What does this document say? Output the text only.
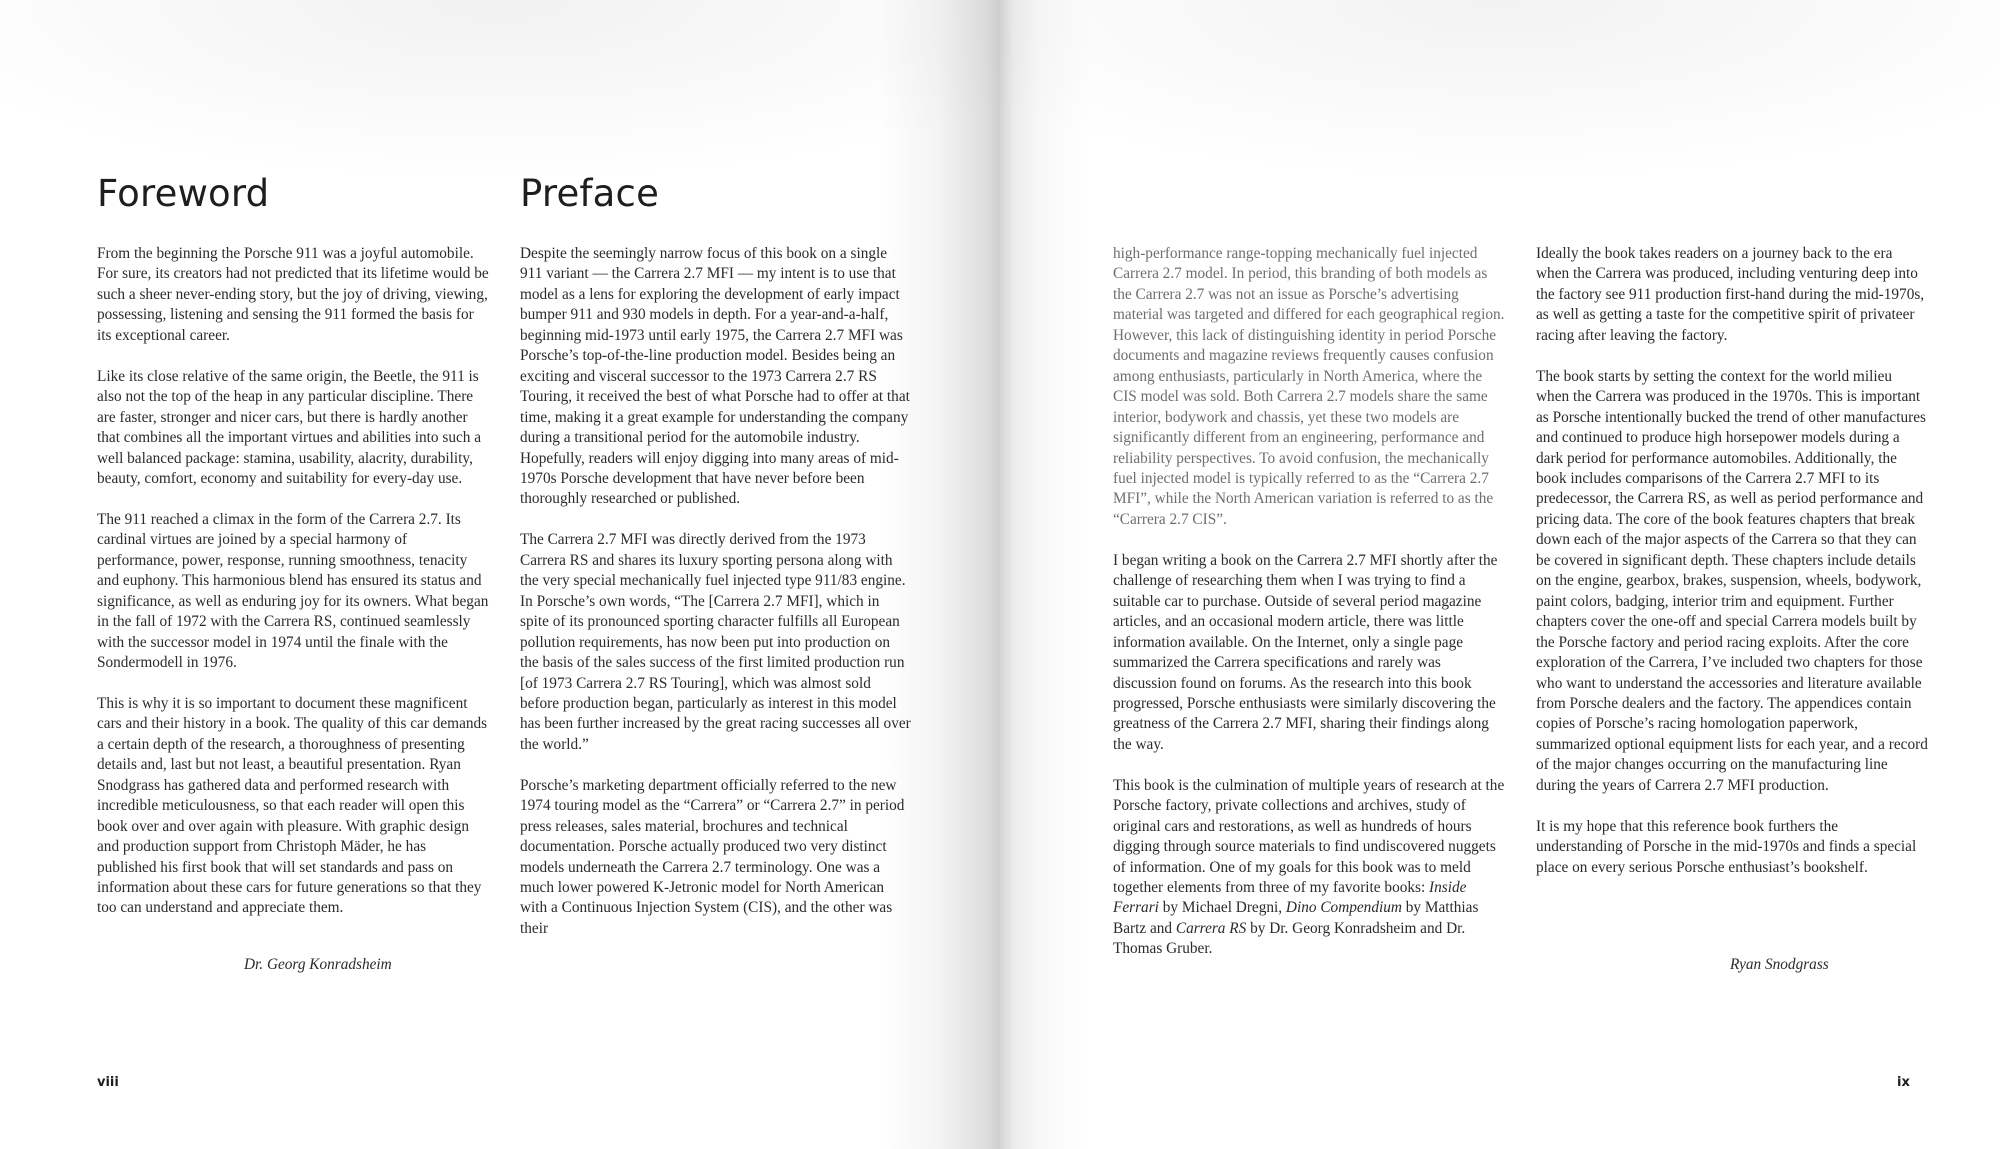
Foreword

From the beginning the Porsche 911 was a joyful automobile. For sure, its creators had not predicted that its lifetime would be such a sheer never-ending story, but the joy of driving, viewing, possessing, listening and sensing the 911 formed the basis for its exceptional career.

Like its close relative of the same origin, the Beetle, the 911 is also not the top of the heap in any particular discipline. There are faster, stronger and nicer cars, but there is hardly another that combines all the important virtues and abilities into such a well balanced package: stamina, usability, alacrity, durability, beauty, comfort, economy and suitability for every-day use.

The 911 reached a climax in the form of the Carrera 2.7. Its cardinal virtues are joined by a special harmony of performance, power, response, running smoothness, tenacity and euphony. This harmonious blend has ensured its status and significance, as well as enduring joy for its owners. What began in the fall of 1972 with the Carrera RS, continued seamlessly with the successor model in 1974 until the finale with the Sondermodell in 1976.

This is why it is so important to document these magnificent cars and their history in a book. The quality of this car demands a certain depth of the research, a thoroughness of presenting details and, last but not least, a beautiful presentation. Ryan Snodgrass has gathered data and performed research with incredible meticulousness, so that each reader will open this book over and over again with pleasure. With graphic design and production support from Christoph Mäder, he has published his first book that will set standards and pass on information about these cars for future generations so that they too can understand and appreciate them.

Dr. Georg Konradsheim
Preface

Despite the seemingly narrow focus of this book on a single 911 variant — the Carrera 2.7 MFI — my intent is to use that model as a lens for exploring the development of early impact bumper 911 and 930 models in depth. For a year-and-a-half, beginning mid-1973 until early 1975, the Carrera 2.7 MFI was Porsche’s top-of-the-line production model. Besides being an exciting and visceral successor to the 1973 Carrera 2.7 RS Touring, it received the best of what Porsche had to offer at that time, making it a great example for understanding the company during a transitional period for the automobile industry. Hopefully, readers will enjoy digging into many areas of mid-1970s Porsche development that have never before been thoroughly researched or published.

The Carrera 2.7 MFI was directly derived from the 1973 Carrera RS and shares its luxury sporting persona along with the very special mechanically fuel injected type 911/83 engine. In Porsche’s own words, “The [Carrera 2.7 MFI], which in spite of its pronounced sporting character fulfills all European pollution requirements, has now been put into production on the basis of the sales success of the first limited production run [of 1973 Carrera 2.7 RS Touring], which was almost sold before production began, particularly as interest in this model has been further increased by the great racing successes all over the world.”

Porsche’s marketing department officially referred to the new 1974 touring model as the “Carrera” or “Carrera 2.7” in period press releases, sales material, brochures and technical documentation. Porsche actually produced two very distinct models underneath the Carrera 2.7 terminology. One was a much lower powered K-Jetronic model for North American with a Continuous Injection System (CIS), and the other was their

viii

high-performance range-topping mechanically fuel injected Carrera 2.7 model. In period, this branding of both models as the Carrera 2.7 was not an issue as Porsche’s advertising material was targeted and differed for each geographical region. However, this lack of distinguishing identity in period Porsche documents and magazine reviews frequently causes confusion among enthusiasts, particularly in North America, where the CIS model was sold. Both Carrera 2.7 models share the same interior, bodywork and chassis, yet these two models are significantly different from an engineering, performance and reliability perspectives. To avoid confusion, the mechanically fuel injected model is typically referred to as the “Carrera 2.7 MFI”, while the North American variation is referred to as the “Carrera 2.7 CIS”.

I began writing a book on the Carrera 2.7 MFI shortly after the challenge of researching them when I was trying to find a suitable car to purchase. Outside of several period magazine articles, and an occasional modern article, there was little information available. On the Internet, only a single page summarized the Carrera specifications and rarely was discussion found on forums. As the research into this book progressed, Porsche enthusiasts were similarly discovering the greatness of the Carrera 2.7 MFI, sharing their findings along the way.

This book is the culmination of multiple years of research at the Porsche factory, private collections and archives, study of original cars and restorations, as well as hundreds of hours digging through source materials to find undiscovered nuggets of information. One of my goals for this book was to meld together elements from three of my favorite books: Inside Ferrari by Michael Dregni, Dino Compendium by Matthias Bartz and Carrera RS by Dr. Georg Konradsheim and Dr. Thomas Gruber.

Ideally the book takes readers on a journey back to the era when the Carrera was produced, including venturing deep into the factory see 911 production first-hand during the mid-1970s, as well as getting a taste for the competitive spirit of privateer racing after leaving the factory.

The book starts by setting the context for the world milieu when the Carrera was produced in the 1970s. This is important as Porsche intentionally bucked the trend of other manufactures and continued to produce high horsepower models during a dark period for performance automobiles. Additionally, the book includes comparisons of the Carrera 2.7 MFI to its predecessor, the Carrera RS, as well as period performance and pricing data. The core of the book features chapters that break down each of the major aspects of the Carrera so that they can be covered in significant depth. These chapters include details on the engine, gearbox, brakes, suspension, wheels, bodywork, paint colors, badging, interior trim and equipment. Further chapters cover the one-off and special Carrera models built by the Porsche factory and period racing exploits. After the core exploration of the Carrera, I’ve included two chapters for those who want to understand the accessories and literature available from Porsche dealers and the factory. The appendices contain copies of Porsche’s racing homologation paperwork, summarized optional equipment lists for each year, and a record of the major changes occurring on the manufacturing line during the years of Carrera 2.7 MFI production.

It is my hope that this reference book furthers the understanding of Porsche in the mid-1970s and finds a special place on every serious Porsche enthusiast’s bookshelf.

Ryan Snodgrass
ix
